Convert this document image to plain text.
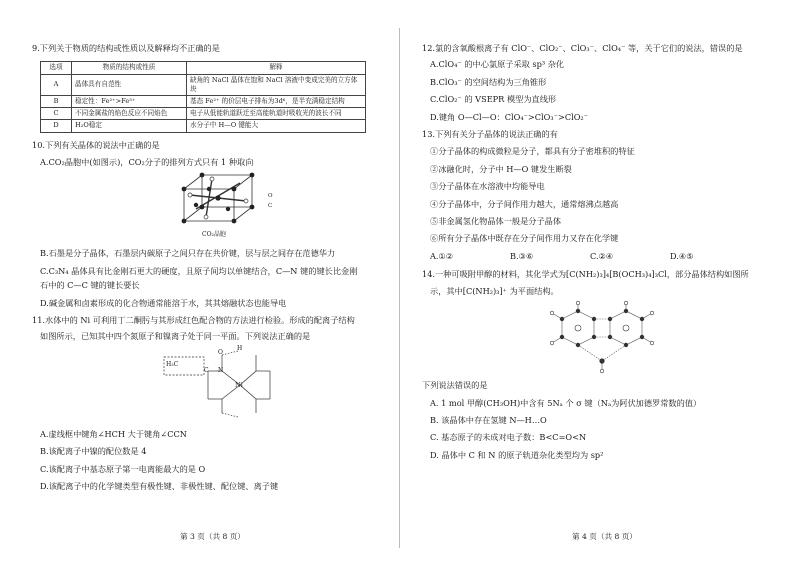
9.下列关于物质的结构或性质以及解释均不正确的是
选项	物质的结构或性质	解释
A	晶体具有自范性	缺角的 NaCl 晶体在饱和 NaCl 溶液中变成完美的立方体块
B	稳定性：Fe²⁺>Fe³⁺	基态 Fe²⁺ 的价层电子排布为3d⁶，是半充满稳定结构
C	不同金属盐的焰色反应不同焰色	电子从低能轨道跃迁至高能轨道时吸收光的波长不同
D	H₂O稳定	水分子中 H—O 键能大
10.下列有关晶体的说法中正确的是
A.CO₂晶胞中(如图示)，CO₂分子的排列方式只有 1 种取向
O
C
CO₂晶胞
B.石墨是分子晶体，石墨层内碳原子之间只存在共价键，层与层之间存在范德华力
C.C₃N₄ 晶体具有比金刚石更大的硬度，且原子间均以单键结合，C—N 键的键长比金刚
石中的 C—C 键的键长要长
D.碱金属和卤素形成的化合物通常能溶于水，其其熔融状态也能导电
11.水体中的 Ni 可利用丁二酮肟与其形成红色配合物的方法进行检验。形成的配离子结构
如图所示，已知其中四个氮原子和镍离子处于同一平面。下列说法正确的是
H₃C
Ni
N
O
H
C
A.虚线框中键角∠HCH 大于键角∠CCN
B.该配离子中镍的配位数是 4
C.该配离子中基态原子第一电离能最大的是 O
D.该配离子中的化学键类型有极性键、非极性键、配位键、离子键
第 3 页（共 8 页）
12.氯的含氧酸根离子有 ClO⁻、ClO₂⁻、ClO₃⁻、ClO₄⁻ 等，关于它们的说法，错误的是
A.ClO₄⁻ 的中心氯原子采取 sp³ 杂化
B.ClO₃⁻ 的空间结构为三角锥形
C.ClO₂⁻ 的 VSEPR 模型为直线形
D.键角 O—Cl—O：ClO₄⁻>ClO₃⁻>ClO₂⁻
13.下列有关分子晶体的说法正确的有
①分子晶体的构成微粒是分子，都具有分子密堆积的特征
②冰融化时，分子中 H—O 键发生断裂
③分子晶体在水溶液中均能导电
④分子晶体中，分子间作用力越大，通常熔沸点越高
⑤非金属氢化物晶体一般是分子晶体
⑥所有分子晶体中既存在分子间作用力又存在化学键
A.①②	B.③⑥	C.②④	D.④⑤
14.一种可吸附甲醇的材料，其化学式为[C(NH₂)₃]₄[B(OCH₃)₄]₃Cl，部分晶体结构如图所
示，其中[C(NH₂)₃]⁺ 为平面结构。
下列说法错误的是
A. 1 mol 甲醇(CH₃OH)中含有 5Nₐ 个 σ 键（Nₐ为阿伏加德罗常数的值）
B. 该晶体中存在氢键 N—H…O
C. 基态原子的未成对电子数：B<C=O<N
D. 晶体中 C 和 N 的原子轨道杂化类型均为 sp²
第 4 页（共 8 页）
